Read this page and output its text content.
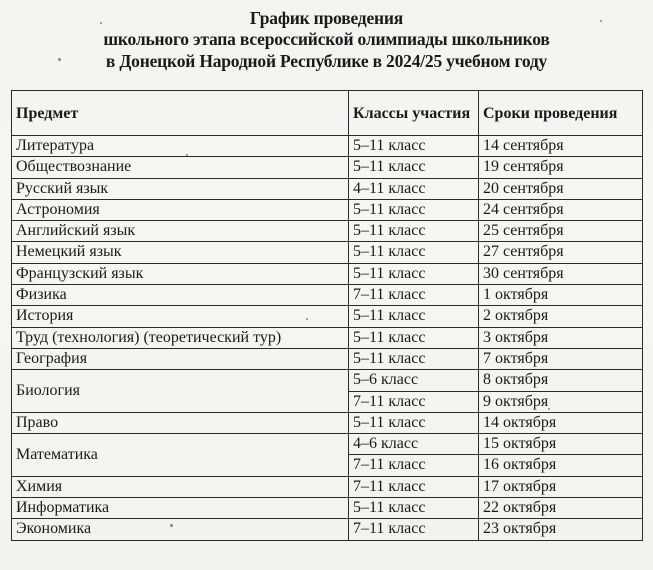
График проведения
школьного этапа всероссийской олимпиады школьников
в Донецкой Народной Республике в 2024/25 учебном году
Предмет	Классы участия	Сроки проведения
Литература	5–11 класс	14 сентября
Обществознание	5–11 класс	19 сентября
Русский язык	4–11 класс	20 сентября
Астрономия	5–11 класс	24 сентября
Английский язык	5–11 класс	25 сентября
Немецкий язык	5–11 класс	27 сентября
Французский язык	5–11 класс	30 сентября
Физика	7–11 класс	1 октября
История	5–11 класс	2 октября
Труд (технология) (теоретический тур)	5–11 класс	3 октября
География	5–11 класс	7 октября
Биология	5–6 класс	8 октября
	7–11 класс	9 октября
Право	5–11 класс	14 октября
Математика	4–6 класс	15 октября
	7–11 класс	16 октября
Химия	7–11 класс	17 октября
Информатика	5–11 класс	22 октября
Экономика	7–11 класс	23 октября
